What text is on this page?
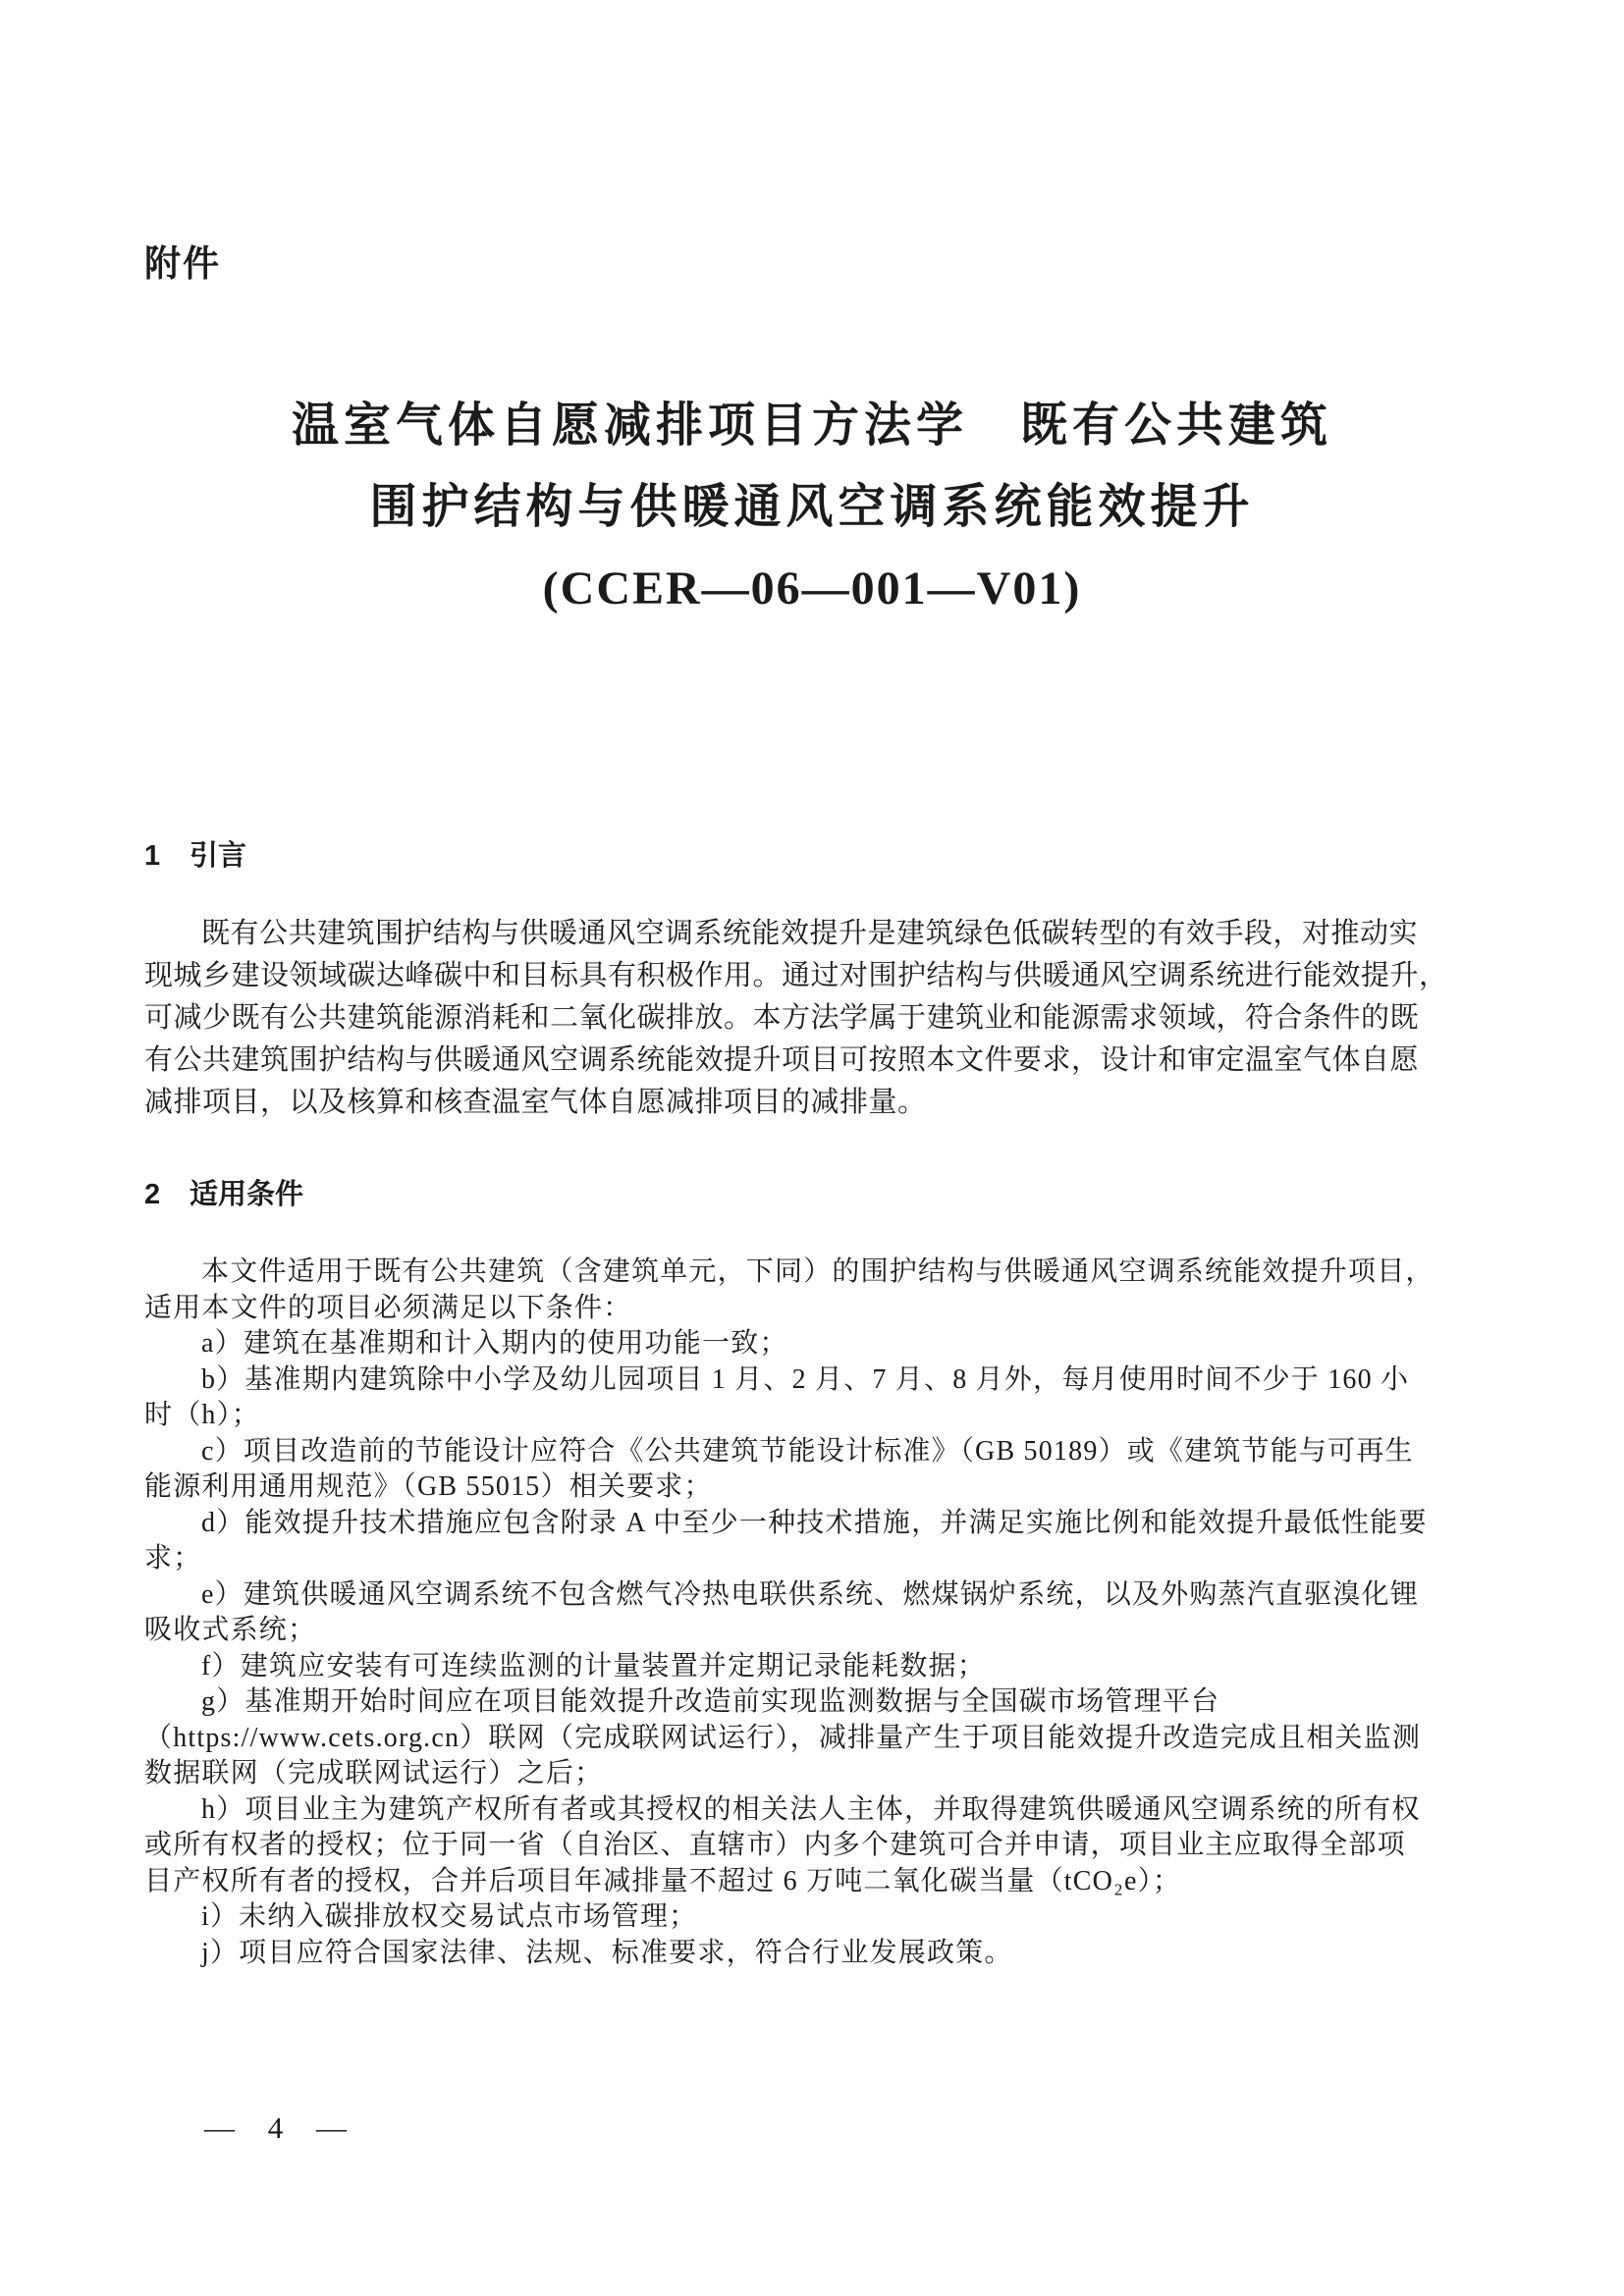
附件
温室气体自愿减排项目方法学　既有公共建筑
围护结构与供暖通风空调系统能效提升
(CCER—06—001—V01)
1 引言
既有公共建筑围护结构与供暖通风空调系统能效提升是建筑绿色低碳转型的有效手段，对推动实
现城乡建设领域碳达峰碳中和目标具有积极作用。通过对围护结构与供暖通风空调系统进行能效提升，
可减少既有公共建筑能源消耗和二氧化碳排放。本方法学属于建筑业和能源需求领域，符合条件的既
有公共建筑围护结构与供暖通风空调系统能效提升项目可按照本文件要求，设计和审定温室气体自愿
减排项目，以及核算和核查温室气体自愿减排项目的减排量。
2 适用条件
本文件适用于既有公共建筑（含建筑单元，下同）的围护结构与供暖通风空调系统能效提升项目，
适用本文件的项目必须满足以下条件：
a）建筑在基准期和计入期内的使用功能一致；
b）基准期内建筑除中小学及幼儿园项目 1 月、2 月、7 月、8 月外，每月使用时间不少于 160 小
时（h）；
c）项目改造前的节能设计应符合《公共建筑节能设计标准》（GB 50189）或《建筑节能与可再生
能源利用通用规范》（GB 55015）相关要求；
d）能效提升技术措施应包含附录 A 中至少一种技术措施，并满足实施比例和能效提升最低性能要
求；
e）建筑供暖通风空调系统不包含燃气冷热电联供系统、燃煤锅炉系统，以及外购蒸汽直驱溴化锂
吸收式系统；
f）建筑应安装有可连续监测的计量装置并定期记录能耗数据；
g）基准期开始时间应在项目能效提升改造前实现监测数据与全国碳市场管理平台
（https://www.cets.org.cn）联网（完成联网试运行），减排量产生于项目能效提升改造完成且相关监测
数据联网（完成联网试运行）之后；
h）项目业主为建筑产权所有者或其授权的相关法人主体，并取得建筑供暖通风空调系统的所有权
或所有权者的授权；位于同一省（自治区、直辖市）内多个建筑可合并申请，项目业主应取得全部项
目产权所有者的授权，合并后项目年减排量不超过 6 万吨二氧化碳当量（tCO₂e）；
i）未纳入碳排放权交易试点市场管理；
j）项目应符合国家法律、法规、标准要求，符合行业发展政策。
— 4 —
